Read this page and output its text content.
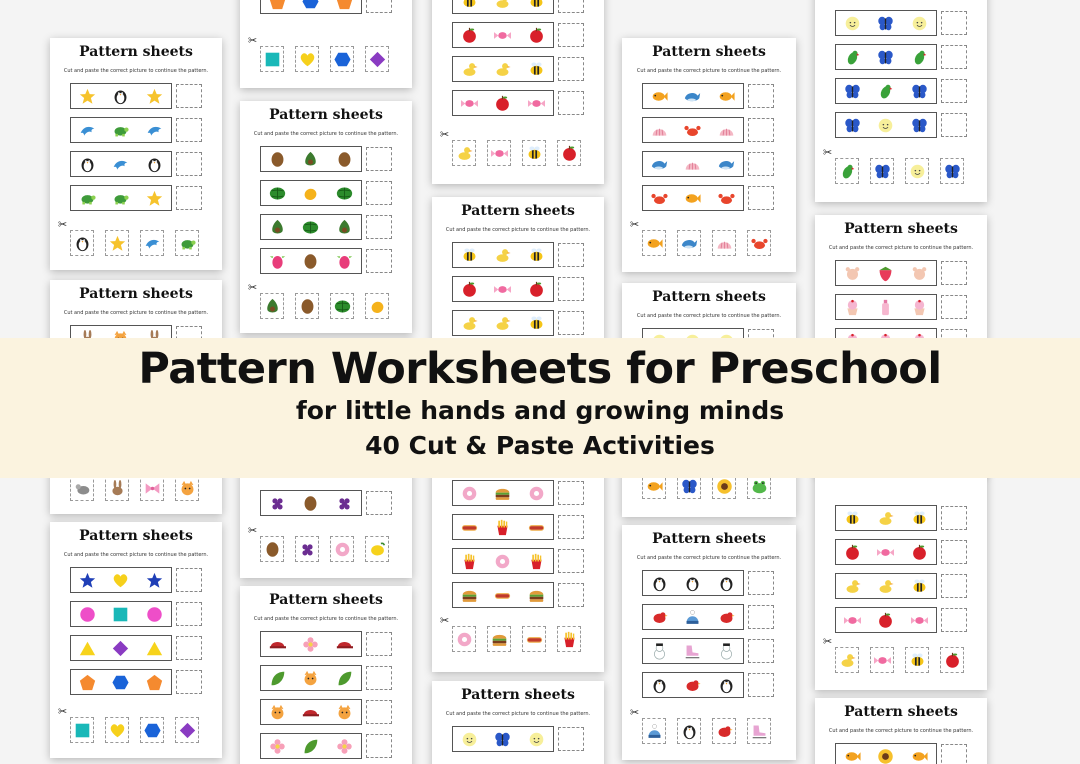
Pattern sheets
Cut and paste the correct picture to continue the pattern.
✂
Pattern sheets
Cut and paste the correct picture to continue the pattern.
Pattern sheets
Cut and paste the correct picture to continue the pattern.
✂
✂
Pattern sheets
Cut and paste the correct picture to continue the pattern.
✂
✂
Pattern sheets
Cut and paste the correct picture to continue the pattern.
✂
Pattern sheets
Cut and paste the correct picture to continue the pattern.
✂
Pattern sheets
Cut and paste the correct picture to continue the pattern.
Pattern sheets
Cut and paste the correct picture to continue the pattern.
✂
Pattern sheets
Cut and paste the correct picture to continue the pattern.
Pattern sheets
Cut and paste the correct picture to continue the pattern.
✂
✂
Pattern sheets
Cut and paste the correct picture to continue the pattern.
✂
Pattern sheets
Cut and paste the correct picture to continue the pattern.
Pattern Worksheets for Preschool
for little hands and growing minds
40 Cut & Paste Activities
